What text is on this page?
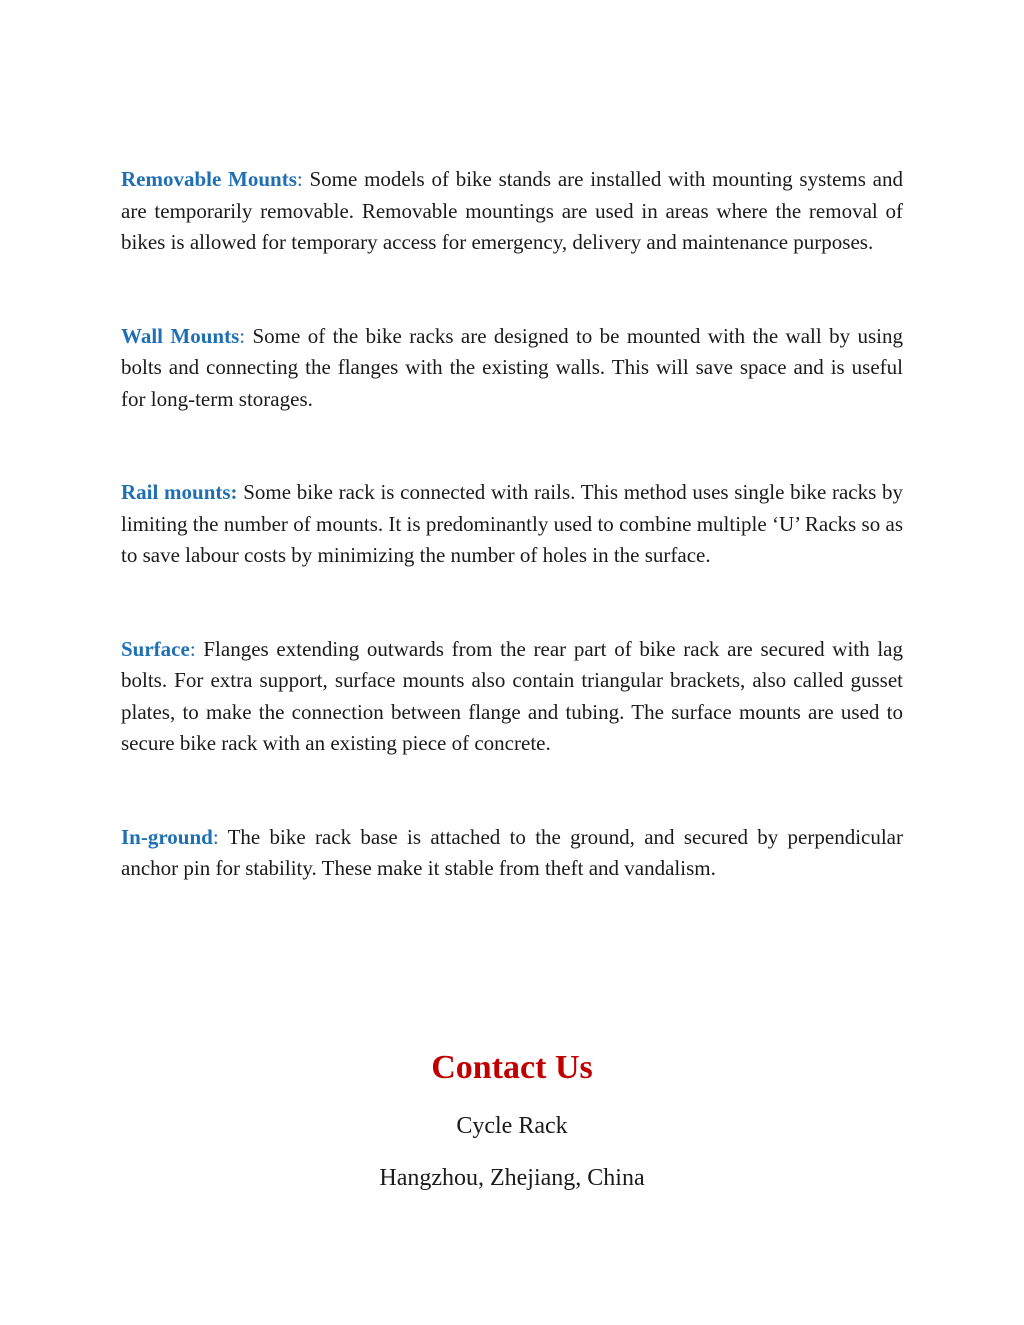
Removable Mounts: Some models of bike stands are installed with mounting systems and are temporarily removable. Removable mountings are used in areas where the removal of bikes is allowed for temporary access for emergency, delivery and maintenance purposes.

Wall Mounts: Some of the bike racks are designed to be mounted with the wall by using bolts and connecting the flanges with the existing walls. This will save space and is useful for long-term storages.

Rail mounts: Some bike rack is connected with rails. This method uses single bike racks by limiting the number of mounts. It is predominantly used to combine multiple ‘U’ Racks so as to save labour costs by minimizing the number of holes in the surface.

Surface: Flanges extending outwards from the rear part of bike rack are secured with lag bolts. For extra support, surface mounts also contain triangular brackets, also called gusset plates, to make the connection between flange and tubing. The surface mounts are used to secure bike rack with an existing piece of concrete.

In-ground: The bike rack base is attached to the ground, and secured by perpendicular anchor pin for stability. These make it stable from theft and vandalism.

Contact Us

Cycle Rack

Hangzhou, Zhejiang, China
